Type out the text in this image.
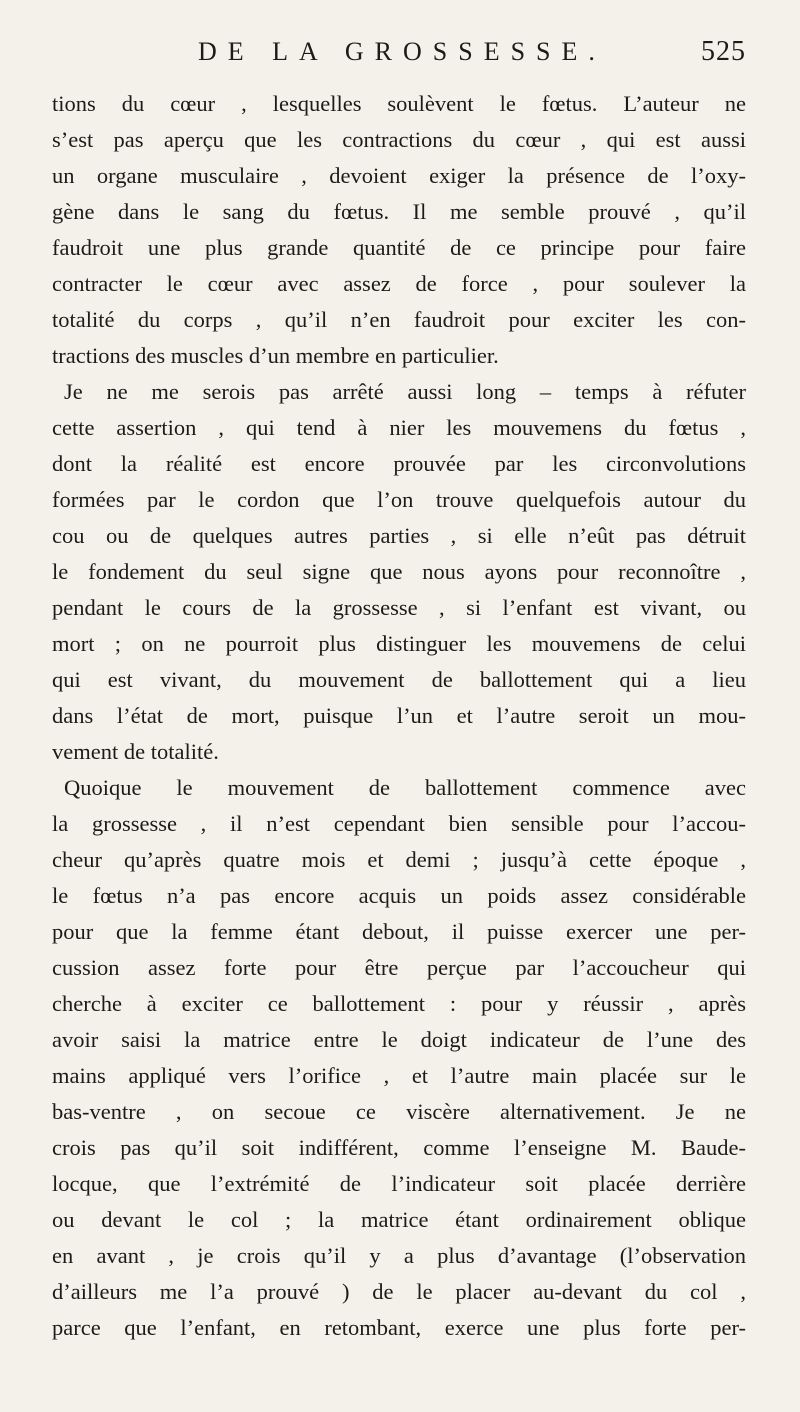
DE LA GROSSESSE.	525
tions du cœur , lesquelles soulèvent le fœtus. L’auteur ne
s’est pas aperçu que les contractions du cœur , qui est aussi
un organe musculaire , devoient exiger la présence de l’oxy-
gène dans le sang du fœtus. Il me semble prouvé , qu’il
faudroit une plus grande quantité de ce principe pour faire
contracter le cœur avec assez de force , pour soulever la
totalité du corps , qu’il n’en faudroit pour exciter les con-
tractions des muscles d’un membre en particulier.
Je ne me serois pas arrêté aussi long – temps à réfuter
cette assertion , qui tend à nier les mouvemens du fœtus ,
dont la réalité est encore prouvée par les circonvolutions
formées par le cordon que l’on trouve quelquefois autour du
cou ou de quelques autres parties , si elle n’eût pas détruit
le fondement du seul signe que nous ayons pour reconnoître ,
pendant le cours de la grossesse , si l’enfant est vivant, ou
mort ; on ne pourroit plus distinguer les mouvemens de celui
qui est vivant, du mouvement de ballottement qui a lieu
dans l’état de mort, puisque l’un et l’autre seroit un mou-
vement de totalité.
Quoique le mouvement de ballottement commence avec
la grossesse , il n’est cependant bien sensible pour l’accou-
cheur qu’après quatre mois et demi ; jusqu’à cette époque ,
le fœtus n’a pas encore acquis un poids assez considérable
pour que la femme étant debout, il puisse exercer une per-
cussion assez forte pour être perçue par l’accoucheur qui
cherche à exciter ce ballottement : pour y réussir , après
avoir saisi la matrice entre le doigt indicateur de l’une des
mains appliqué vers l’orifice , et l’autre main placée sur le
bas-ventre , on secoue ce viscère alternativement. Je ne
crois pas qu’il soit indifférent, comme l’enseigne M. Baude-
locque, que l’extrémité de l’indicateur soit placée derrière
ou devant le col ; la matrice étant ordinairement oblique
en avant , je crois qu’il y a plus d’avantage (l’observation
d’ailleurs me l’a prouvé ) de le placer au-devant du col ,
parce que l’enfant, en retombant, exerce une plus forte per-
